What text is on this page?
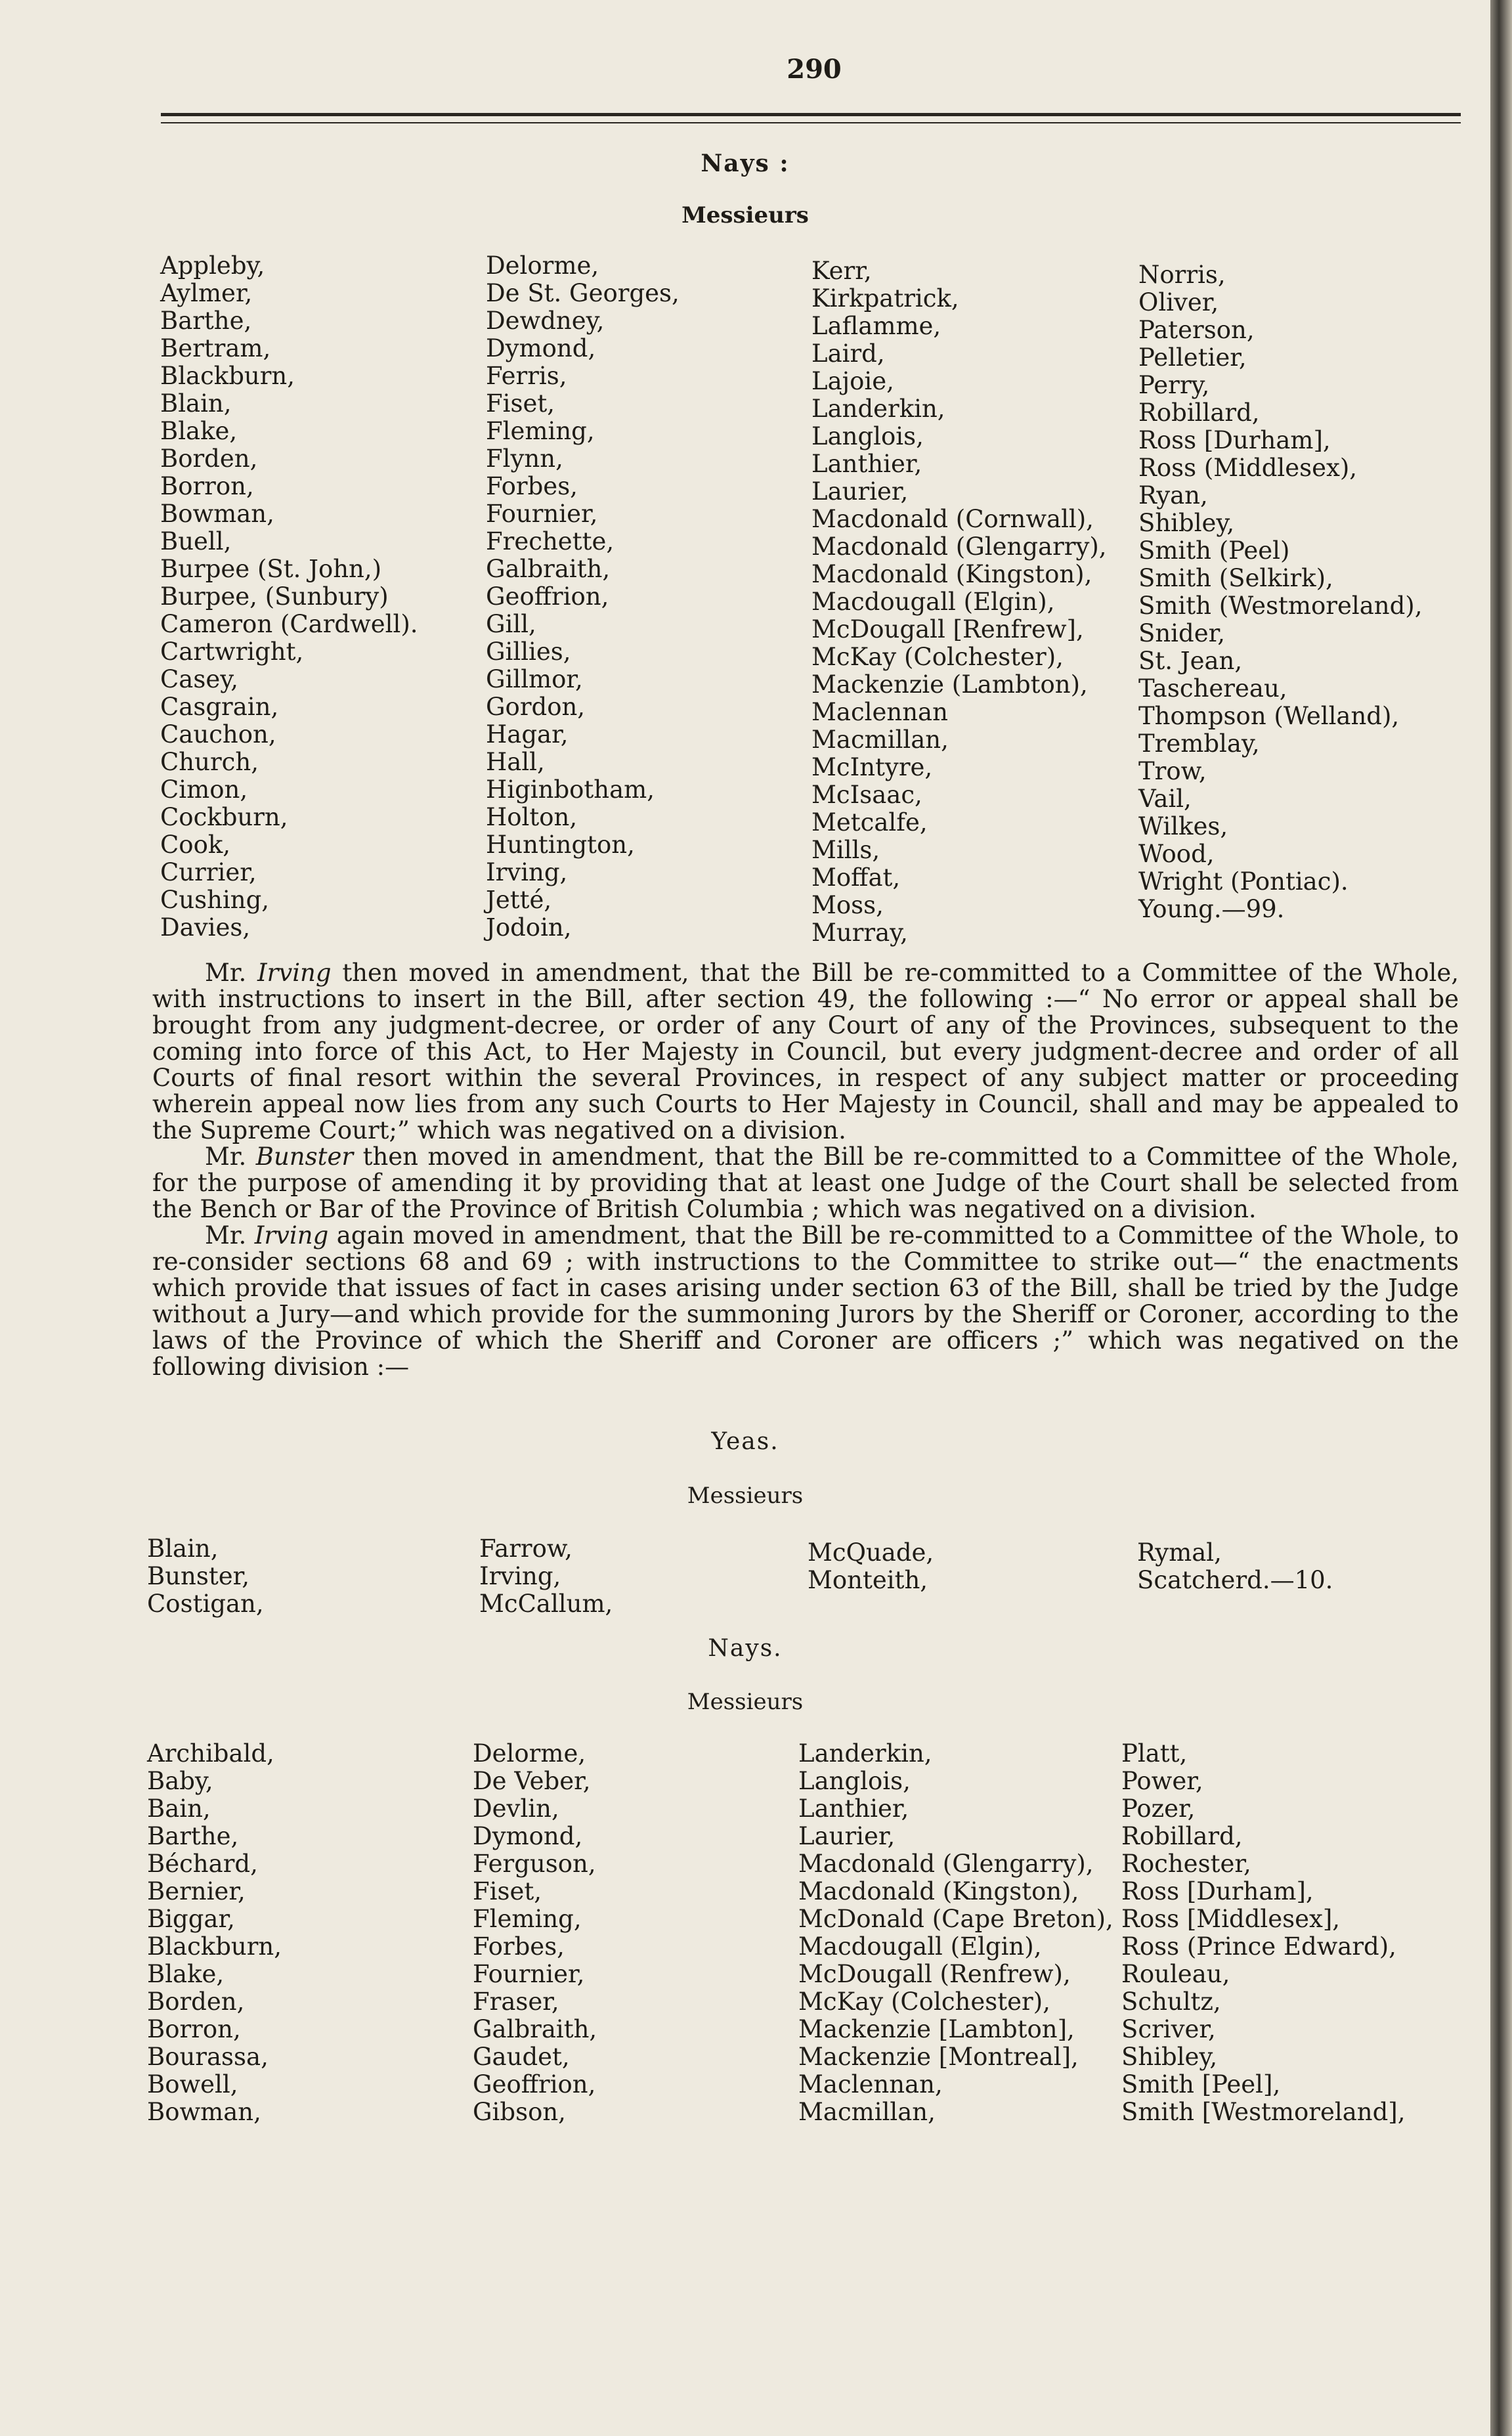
290
Nays :
Messieurs
Appleby,
Aylmer,
Barthe,
Bertram,
Blackburn,
Blain,
Blake,
Borden,
Borron,
Bowman,
Buell,
Burpee (St. John,)
Burpee, (Sunbury)
Cameron (Cardwell).
Cartwright,
Casey,
Casgrain,
Cauchon,
Church,
Cimon,
Cockburn,
Cook,
Currier,
Cushing,
Davies,
Delorme,
De St. Georges,
Dewdney,
Dymond,
Ferris,
Fiset,
Fleming,
Flynn,
Forbes,
Fournier,
Frechette,
Galbraith,
Geoffrion,
Gill,
Gillies,
Gillmor,
Gordon,
Hagar,
Hall,
Higinbotham,
Holton,
Huntington,
Irving,
Jetté,
Jodoin,
Kerr,
Kirkpatrick,
Laflamme,
Laird,
Lajoie,
Landerkin,
Langlois,
Lanthier,
Laurier,
Macdonald (Cornwall),
Macdonald (Glengarry),
Macdonald (Kingston),
Macdougall (Elgin),
McDougall [Renfrew],
McKay (Colchester),
Mackenzie (Lambton),
Maclennan
Macmillan,
McIntyre,
McIsaac,
Metcalfe,
Mills,
Moffat,
Moss,
Murray,
Norris,
Oliver,
Paterson,
Pelletier,
Perry,
Robillard,
Ross [Durham],
Ross (Middlesex),
Ryan,
Shibley,
Smith (Peel)
Smith (Selkirk),
Smith (Westmoreland),
Snider,
St. Jean,
Taschereau,
Thompson (Welland),
Tremblay,
Trow,
Vail,
Wilkes,
Wood,
Wright (Pontiac).
Young.—99.

Mr. Irving then moved in amendment, that the Bill be re-committed to a Committee of the Whole, with instructions to insert in the Bill, after section 49, the following :—“ No error or appeal shall be brought from any judgment-decree, or order of any Court of any of the Provinces, subsequent to the coming into force of this Act, to Her Majesty in Council, but every judgment-decree and order of all Courts of final resort within the several Provinces, in respect of any subject matter or proceeding wherein appeal now lies from any such Courts to Her Majesty in Council, shall and may be appealed to the Supreme Court;” which was negatived on a division.

Mr. Bunster then moved in amendment, that the Bill be re-committed to a Committee of the Whole, for the purpose of amending it by providing that at least one Judge of the Court shall be selected from the Bench or Bar of the Province of British Columbia ; which was negatived on a division.

Mr. Irving again moved in amendment, that the Bill be re-committed to a Committee of the Whole, to re-consider sections 68 and 69 ; with instructions to the Committee to strike out—“ the enactments which provide that issues of fact in cases arising under section 63 of the Bill, shall be tried by the Judge without a Jury—and which provide for the summoning Jurors by the Sheriff or Coroner, according to the laws of the Province of which the Sheriff and Coroner are officers ;” which was negatived on the following division :—

Yeas.
Messieurs
Blain,
Bunster,
Costigan,
Farrow,
Irving,
McCallum,
McQuade,
Monteith,
Rymal,
Scatcherd.—10.
Nays.
Messieurs
Archibald,
Baby,
Bain,
Barthe,
Béchard,
Bernier,
Biggar,
Blackburn,
Blake,
Borden,
Borron,
Bourassa,
Bowell,
Bowman,
Delorme,
De Veber,
Devlin,
Dymond,
Ferguson,
Fiset,
Fleming,
Forbes,
Fournier,
Fraser,
Galbraith,
Gaudet,
Geoffrion,
Gibson,
Landerkin,
Langlois,
Lanthier,
Laurier,
Macdonald (Glengarry),
Macdonald (Kingston),
McDonald (Cape Breton),
Macdougall (Elgin),
McDougall (Renfrew),
McKay (Colchester),
Mackenzie [Lambton],
Mackenzie [Montreal],
Maclennan,
Macmillan,
Platt,
Power,
Pozer,
Robillard,
Rochester,
Ross [Durham],
Ross [Middlesex],
Ross (Prince Edward),
Rouleau,
Schultz,
Scriver,
Shibley,
Smith [Peel],
Smith [Westmoreland],
